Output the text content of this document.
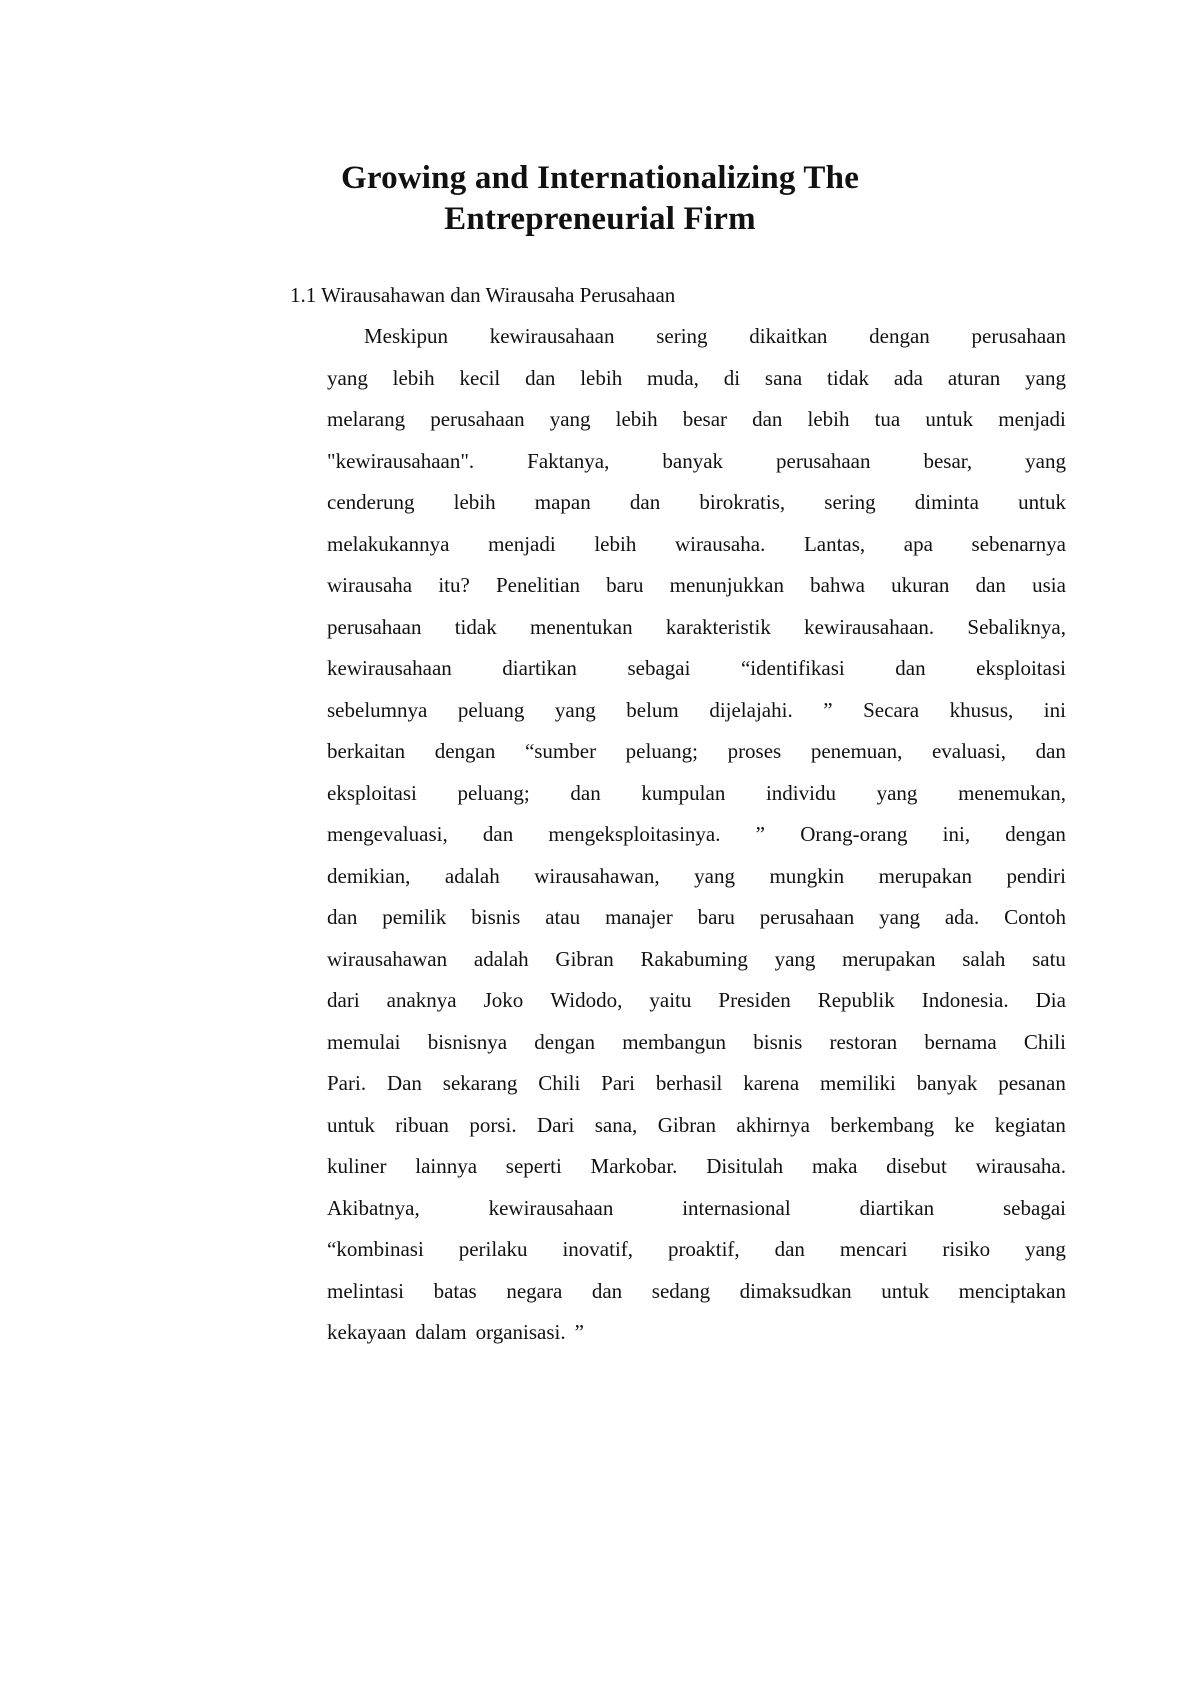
Growing and Internationalizing The
Entrepreneurial Firm

1.1 Wirausahawan dan Wirausaha Perusahaan

Meskipun kewirausahaan sering dikaitkan dengan perusahaan
yang lebih kecil dan lebih muda, di sana tidak ada aturan yang
melarang perusahaan yang lebih besar dan lebih tua untuk menjadi
"kewirausahaan".	Faktanya,	banyak	perusahaan	besar,	yang
cenderung lebih mapan dan birokratis, sering diminta untuk
melakukannya menjadi lebih wirausaha. Lantas, apa sebenarnya
wirausaha itu? Penelitian baru menunjukkan bahwa ukuran dan usia
perusahaan tidak menentukan karakteristik kewirausahaan. Sebaliknya,
kewirausahaan diartikan sebagai “identifikasi dan eksploitasi
sebelumnya peluang yang belum dijelajahi. ” Secara khusus, ini
berkaitan dengan “sumber peluang; proses penemuan, evaluasi, dan
eksploitasi peluang; dan kumpulan individu yang menemukan,
mengevaluasi, dan mengeksploitasinya. ” Orang-orang ini, dengan
demikian, adalah wirausahawan, yang mungkin merupakan pendiri
dan pemilik bisnis atau manajer baru perusahaan yang ada. Contoh
wirausahawan adalah Gibran Rakabuming yang merupakan salah satu
dari anaknya Joko Widodo, yaitu Presiden Republik Indonesia. Dia
memulai bisnisnya dengan membangun bisnis restoran bernama Chili
Pari. Dan sekarang Chili Pari berhasil karena memiliki banyak pesanan
untuk ribuan porsi. Dari sana, Gibran akhirnya berkembang ke kegiatan
kuliner lainnya seperti Markobar. Disitulah maka disebut wirausaha.
Akibatnya,	kewirausahaan	internasional	diartikan	sebagai
“kombinasi perilaku inovatif, proaktif, dan mencari risiko yang
melintasi batas negara dan sedang dimaksudkan untuk menciptakan
kekayaan dalam organisasi. ”
